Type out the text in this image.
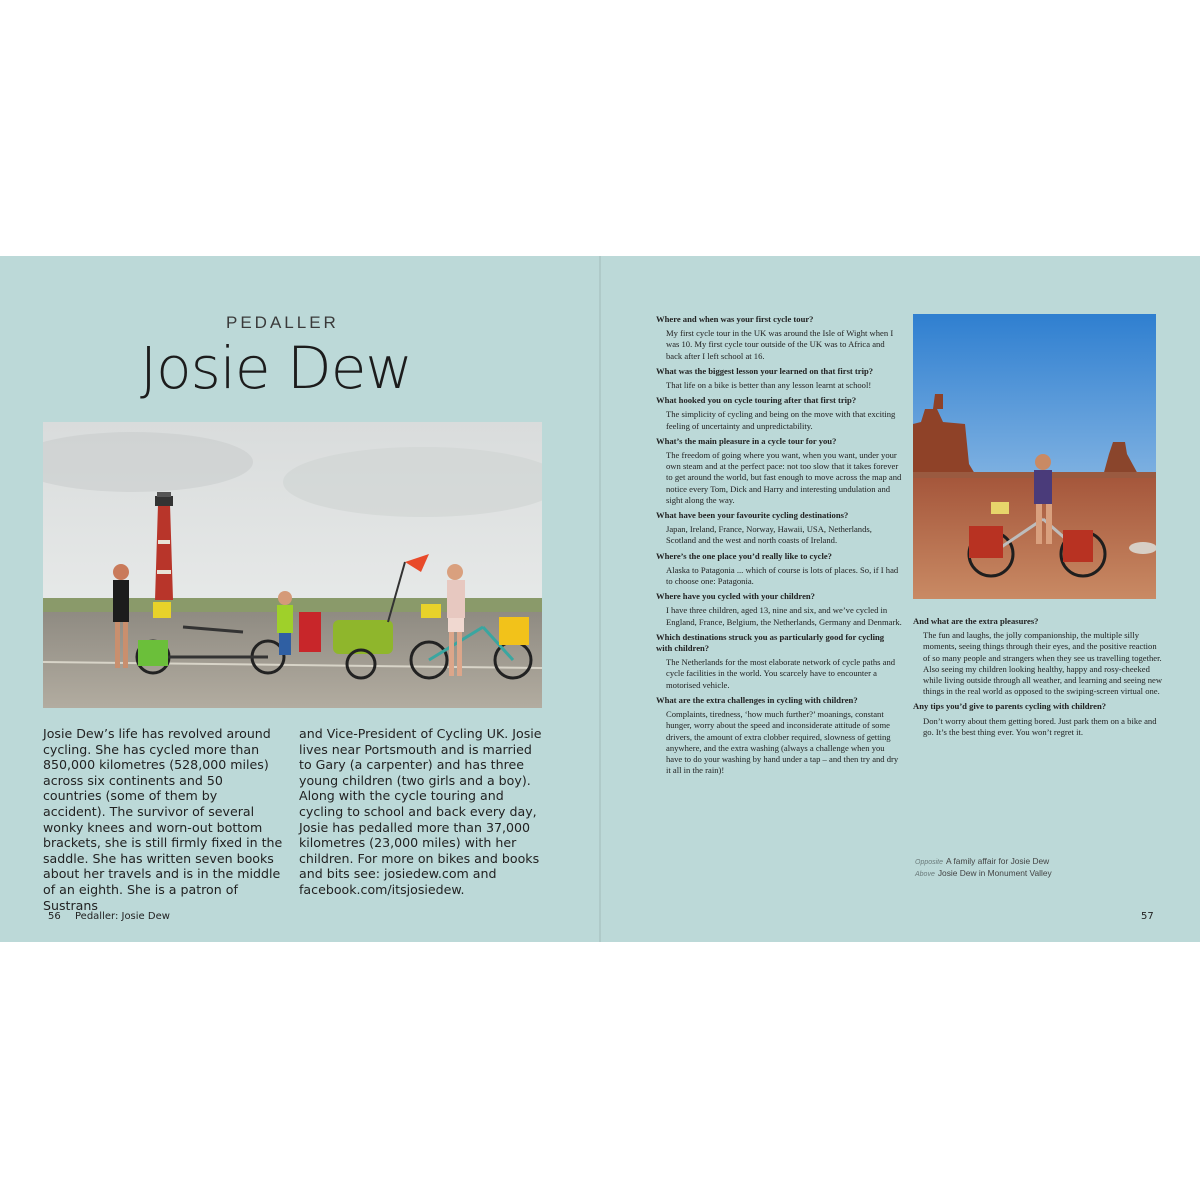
PEDALLER
Josie Dew
Josie Dew’s life has revolved around cycling. She has cycled more than 850,000 kilometres (528,000 miles) across six continents and 50 countries (some of them by accident). The survivor of several wonky knees and worn-out bottom brackets, she is still firmly fixed in the saddle. She has written seven books about her travels and is in the middle of an eighth. She is a patron of Sustrans
and Vice-President of Cycling UK. Josie lives near Portsmouth and is married to Gary (a carpenter) and has three young children (two girls and a boy). Along with the cycle touring and cycling to school and back every day, Josie has pedalled more than 37,000 kilometres (23,000 miles) with her children. For more on bikes and books and bits see: josiedew.com and facebook.com/itsjosiedew.
56 Pedaller: Josie Dew

Where and when was your first cycle tour?

My first cycle tour in the UK was around the Isle of Wight when I was 10. My first cycle tour outside of the UK was to Africa and back after I left school at 16.

What was the biggest lesson your learned on that first trip?

That life on a bike is better than any lesson learnt at school!

What hooked you on cycle touring after that first trip?

The simplicity of cycling and being on the move with that exciting feeling of uncertainty and unpredictability.

What’s the main pleasure in a cycle tour for you?

The freedom of going where you want, when you want, under your own steam and at the perfect pace: not too slow that it takes forever to get around the world, but fast enough to move across the map and notice every Tom, Dick and Harry and interesting undulation and sight along the way.

What have been your favourite cycling destinations?

Japan, Ireland, France, Norway, Hawaii, USA, Netherlands, Scotland and the west and north coasts of Ireland.

Where’s the one place you’d really like to cycle?

Alaska to Patagonia ... which of course is lots of places. So, if I had to choose one: Patagonia.

Where have you cycled with your children?

I have three children, aged 13, nine and six, and we’ve cycled in England, France, Belgium, the Netherlands, Germany and Denmark.

Which destinations struck you as particularly good for cycling with children?

The Netherlands for the most elaborate network of cycle paths and cycle facilities in the world. You scarcely have to encounter a motorised vehicle.

What are the extra challenges in cycling with children?

Complaints, tiredness, ‘how much further?’ moanings, constant hunger, worry about the speed and inconsiderate attitude of some drivers, the amount of extra clobber required, slowness of getting anywhere, and the extra washing (always a challenge when you have to do your washing by hand under a tap – and then try and dry it all in the rain)!

And what are the extra pleasures?

The fun and laughs, the jolly companionship, the multiple silly moments, seeing things through their eyes, and the positive reaction of so many people and strangers when they see us travelling together. Also seeing my children looking healthy, happy and rosy-cheeked while living outside through all weather, and learning and seeing new things in the real world as opposed to the swiping-screen virtual one.

Any tips you’d give to parents cycling with children?

Don’t worry about them getting bored. Just park them on a bike and go. It’s the best thing ever. You won’t regret it.

Opposite A family affair for Josie Dew
Above Josie Dew in Monument Valley
57
